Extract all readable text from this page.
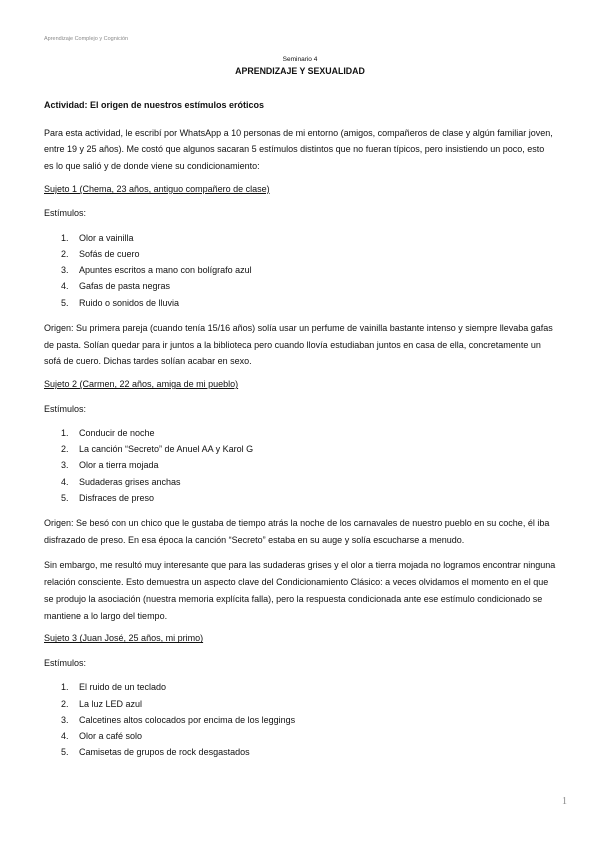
Aprendizaje Complejo y Cognición

Seminario 4

APRENDIZAJE Y SEXUALIDAD

Actividad: El origen de nuestros estímulos eróticos

Para esta actividad, le escribí por WhatsApp a 10 personas de mi entorno (amigos, compañeros de clase y algún familiar joven, entre 19 y 25 años). Me costó que algunos sacaran 5 estímulos distintos que no fueran típicos, pero insistiendo un poco, esto es lo que salió y de donde viene su condicionamiento:

Sujeto 1 (Chema, 23 años, antiguo compañero de clase)

Estímulos:

1. Olor a vainilla
2. Sofás de cuero
3. Apuntes escritos a mano con bolígrafo azul
4. Gafas de pasta negras
5. Ruido o sonidos de lluvia

Origen: Su primera pareja (cuando tenía 15/16 años) solía usar un perfume de vainilla bastante intenso y siempre llevaba gafas de pasta. Solían quedar para ir juntos a la biblioteca pero cuando llovía estudiaban juntos en casa de ella, concretamente un sofá de cuero. Dichas tardes solían acabar en sexo.

Sujeto 2 (Carmen, 22 años, amiga de mi pueblo)

Estímulos:

1. Conducir de noche
2. La canción “Secreto” de Anuel AA y Karol G
3. Olor a tierra mojada
4. Sudaderas grises anchas
5. Disfraces de preso

Origen: Se besó con un chico que le gustaba de tiempo atrás la noche de los carnavales de nuestro pueblo en su coche, él iba disfrazado de preso. En esa época la canción “Secreto” estaba en su auge y solía escucharse a menudo.

Sin embargo, me resultó muy interesante que para las sudaderas grises y el olor a tierra mojada no logramos encontrar ninguna relación consciente. Esto demuestra un aspecto clave del Condicionamiento Clásico: a veces olvidamos el momento en el que se produjo la asociación (nuestra memoria explícita falla), pero la respuesta condicionada ante ese estímulo condicionado se mantiene a lo largo del tiempo.

Sujeto 3 (Juan José, 25 años, mi primo)

Estímulos:

1. El ruido de un teclado
2. La luz LED azul
3. Calcetines altos colocados por encima de los leggings
4. Olor a café solo
5. Camisetas de grupos de rock desgastados
1
